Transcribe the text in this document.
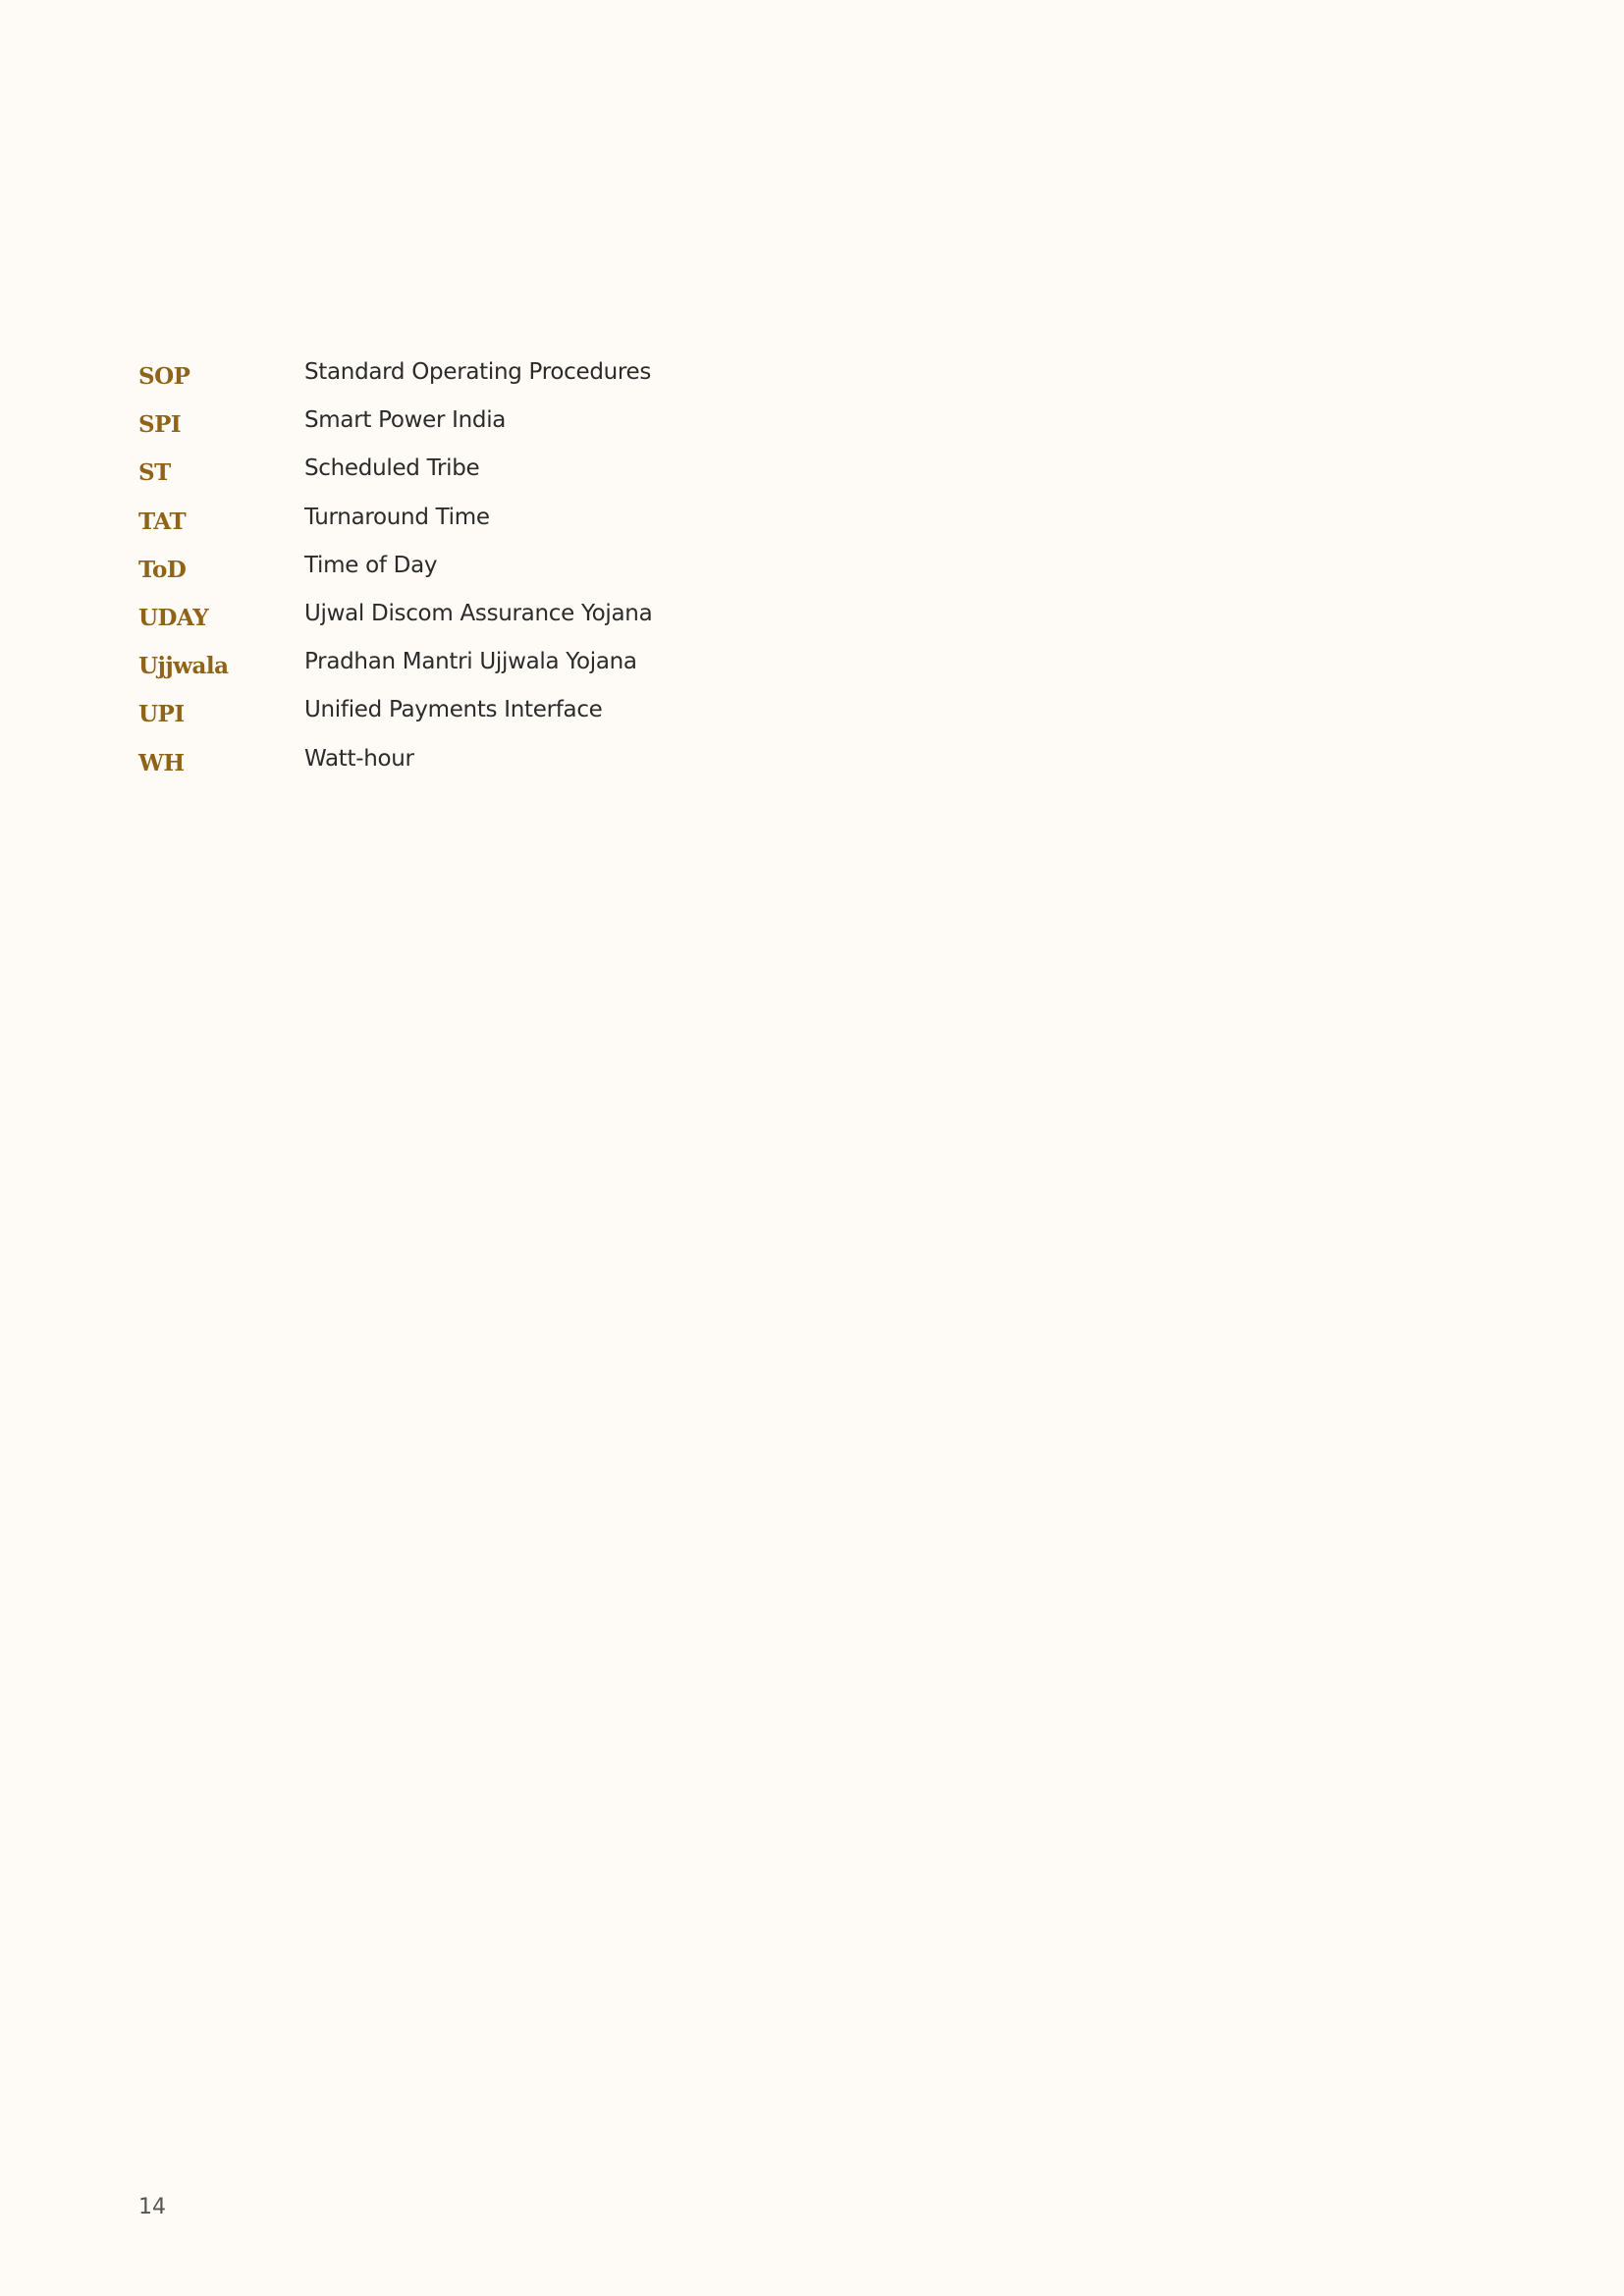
SOP	Standard Operating Procedures
SPI	Smart Power India
ST	Scheduled Tribe
TAT	Turnaround Time
ToD	Time of Day
UDAY	Ujwal Discom Assurance Yojana
Ujjwala	Pradhan Mantri Ujjwala Yojana
UPI	Unified Payments Interface
WH	Watt-hour
14
